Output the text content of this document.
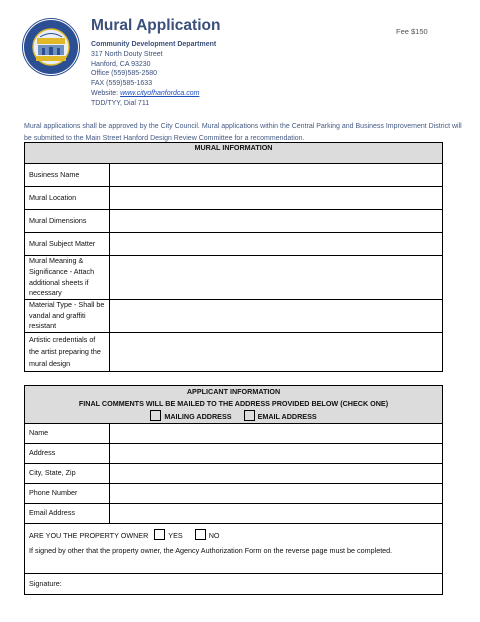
Mural Application	Fee $150
Community Development Department
317 North Douty Street
Hanford, CA 93230
Office (559)585-2580
FAX (559)585-1633
Website: www.cityofhanfordca.com
TDD/TYY, Dial 711
Mural applications shall be approved by the City Council. Mural applications within the Central Parking and Business Improvement District will be submitted to the Main Street Hanford Design Review Committee for a recommendation.
MURAL INFORMATION	
Business Name	
Mural Location	
Mural Dimensions	
Mural Subject Matter	
Mural Meaning & Significance - Attach additional sheets if necessary	
Material Type - Shall be vandal and graffiti resistant	
Artistic credentials of the artist preparing the mural design	
APPLICANT INFORMATION
FINAL COMMENTS WILL BE MAILED TO THE ADDRESS PROVIDED BELOW (CHECK ONE)
MAILING ADDRESS EMAIL ADDRESS	

Name	
Address	
City, State, Zip	
Phone Number	
Email Address	

ARE YOU THE PROPERTY OWNER YES NO
If signed by other that the property owner, the Agency Authorization Form on the reverse page must be completed.	

Signature:	
